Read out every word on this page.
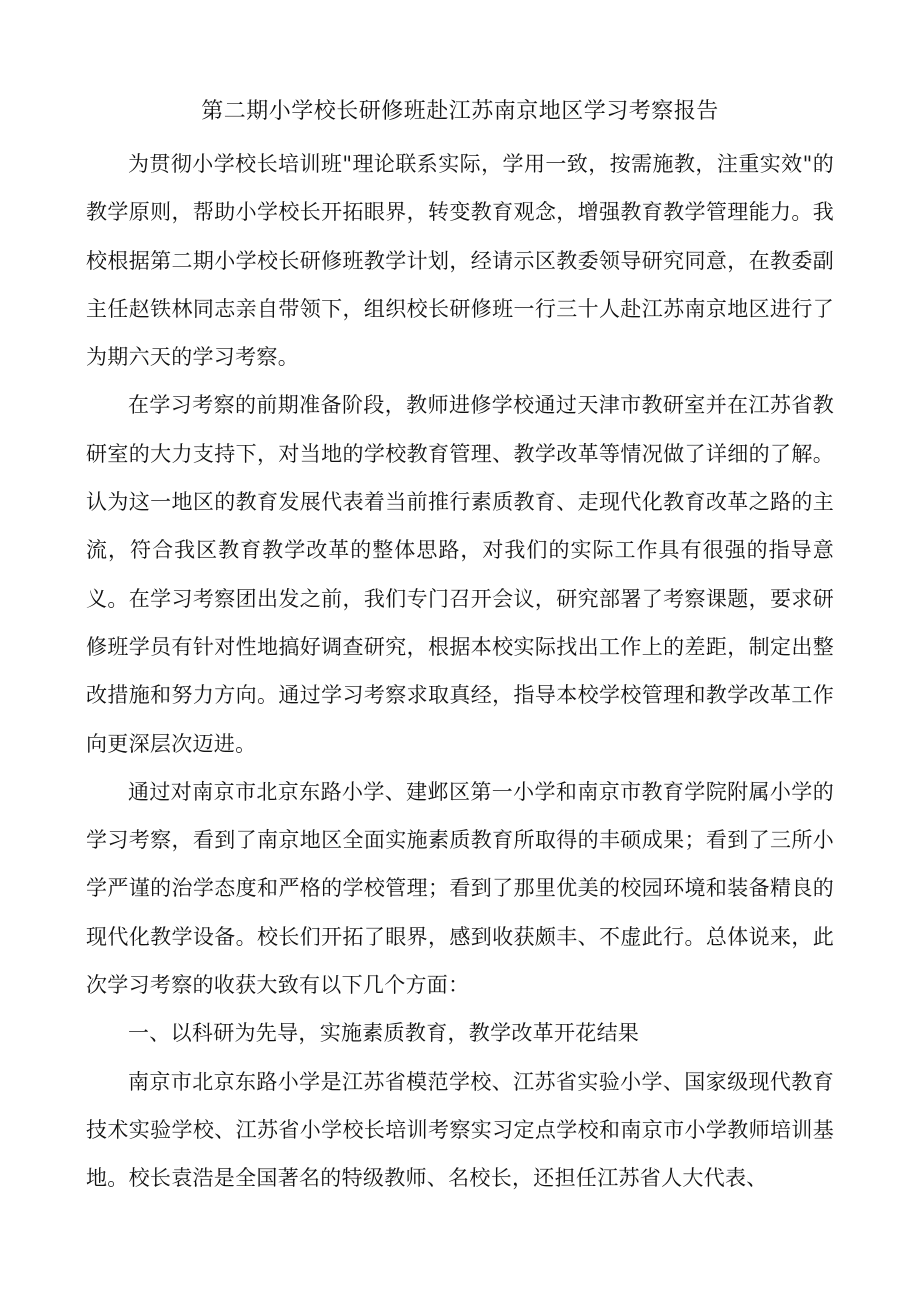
第二期小学校长研修班赴江苏南京地区学习考察报告

为贯彻小学校长培训班"理论联系实际，学用一致，按需施教，注重实效"的教学原则，帮助小学校长开拓眼界，转变教育观念，增强教育教学管理能力。我校根据第二期小学校长研修班教学计划，经请示区教委领导研究同意，在教委副主任赵铁林同志亲自带领下，组织校长研修班一行三十人赴江苏南京地区进行了为期六天的学习考察。

在学习考察的前期准备阶段，教师进修学校通过天津市教研室并在江苏省教研室的大力支持下，对当地的学校教育管理、教学改革等情况做了详细的了解。认为这一地区的教育发展代表着当前推行素质教育、走现代化教育改革之路的主流，符合我区教育教学改革的整体思路，对我们的实际工作具有很强的指导意义。在学习考察团出发之前，我们专门召开会议，研究部署了考察课题，要求研修班学员有针对性地搞好调查研究，根据本校实际找出工作上的差距，制定出整改措施和努力方向。通过学习考察求取真经，指导本校学校管理和教学改革工作向更深层次迈进。

通过对南京市北京东路小学、建邺区第一小学和南京市教育学院附属小学的学习考察，看到了南京地区全面实施素质教育所取得的丰硕成果；看到了三所小学严谨的治学态度和严格的学校管理；看到了那里优美的校园环境和装备精良的现代化教学设备。校长们开拓了眼界，感到收获颇丰、不虚此行。总体说来，此次学习考察的收获大致有以下几个方面：

一、以科研为先导，实施素质教育，教学改革开花结果

南京市北京东路小学是江苏省模范学校、江苏省实验小学、国家级现代教育技术实验学校、江苏省小学校长培训考察实习定点学校和南京市小学教师培训基地。校长袁浩是全国著名的特级教师、名校长，还担任江苏省人大代表、
